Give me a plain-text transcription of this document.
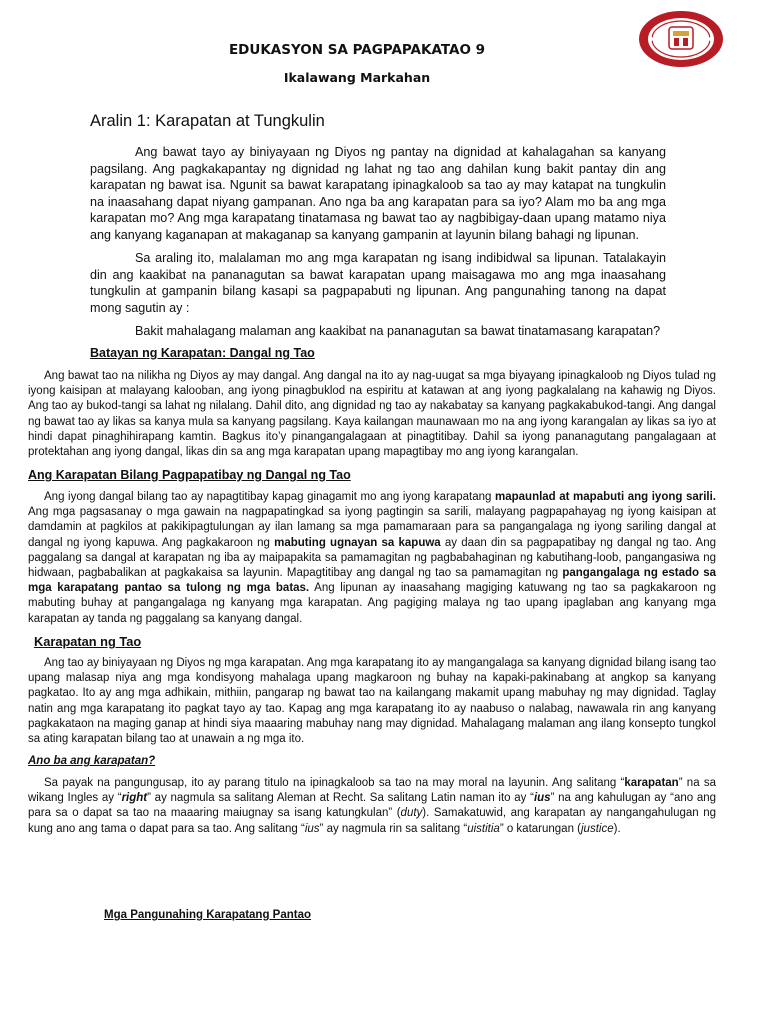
EDUKASYON SA PAGPAPAKATAO 9
Ikalawang Markahan
Aralin 1: Karapatan at Tungkulin

Ang bawat tayo ay biniyayaan ng Diyos ng pantay na dignidad at kahalagahan sa kanyang pagsilang. Ang pagkakapantay ng dignidad ng lahat ng tao ang dahilan kung bakit pantay din ang karapatan ng bawat isa. Ngunit sa bawat karapatang ipinagkaloob sa tao ay may katapat na tungkulin na inaasahang dapat niyang gampanan. Ano nga ba ang karapatan para sa iyo? Alam mo ba ang mga karapatan mo? Ang mga karapatang tinatamasa ng bawat tao ay nagbibigay-daan upang matamo niya ang kanyang kaganapan at makaganap sa kanyang gampanin at layunin bilang bahagi ng lipunan.

Sa araling ito, malalaman mo ang mga karapatan ng isang indibidwal sa lipunan. Tatalakayin din ang kaakibat na pananagutan sa bawat karapatan upang maisagawa mo ang mga inaasahang tungkulin at gampanin bilang kasapi sa pagpapabuti ng lipunan. Ang pangunahing tanong na dapat mong sagutin ay :

Bakit mahalagang malaman ang kaakibat na pananagutan sa bawat tinatamasang karapatan?

Batayan ng Karapatan: Dangal ng Tao

Ang bawat tao na nilikha ng Diyos ay may dangal. Ang dangal na ito ay nag-uugat sa mga biyayang ipinagkaloob ng Diyos tulad ng iyong kaisipan at malayang kalooban, ang iyong pinagbuklod na espiritu at katawan at ang iyong pagkalalang na kahawig ng Diyos. Ang tao ay bukod-tangi sa lahat ng nilalang. Dahil dito, ang dignidad ng tao ay nakabatay sa kanyang pagkakabukod-tangi. Ang dangal ng bawat tao ay likas sa kanya mula sa kanyang pagsilang. Kaya kailangan maunawaan mo na ang iyong karangalan ay likas sa iyo at hindi dapat pinaghihirapang kamtin. Bagkus ito’y pinangangalagaan at pinagtitibay. Dahil sa iyong pananagutang pangalagaan at protektahan ang iyong dangal, likas din sa ang mga karapatan upang mapagtibay mo ang iyong karangalan.

Ang Karapatan Bilang Pagpapatibay ng Dangal ng Tao

Ang iyong dangal bilang tao ay napagtitibay kapag ginagamit mo ang iyong karapatang mapaunlad at mapabuti ang iyong sarili. Ang mga pagsasanay o mga gawain na nagpapatingkad sa iyong pagtingin sa sarili, malayang pagpapahayag ng iyong kaisipan at damdamin at pagkilos at pakikipagtulungan ay ilan lamang sa mga pamamaraan para sa pangangalaga ng iyong sariling dangal at dangal ng iyong kapuwa. Ang pagkakaroon ng mabuting ugnayan sa kapuwa ay daan din sa pagpapatibay ng dangal ng tao. Ang paggalang sa dangal at karapatan ng iba ay maipapakita sa pamamagitan ng pagbabahaginan ng kabutihang-loob, pangangasiwa ng hidwaan, pagbabalikan at pagkakaisa sa layunin. Mapagtitibay ang dangal ng tao sa pamamagitan ng pangangalaga ng estado sa mga karapatang pantao sa tulong ng mga batas. Ang lipunan ay inaasahang magiging katuwang ng tao sa pagkakaroon ng mabuting buhay at pangangalaga ng kanyang mga karapatan. Ang pagiging malaya ng tao upang ipaglaban ang kanyang mga karapatan ay tanda ng paggalang sa kanyang dangal.

Karapatan ng Tao

Ang tao ay biniyayaan ng Diyos ng mga karapatan. Ang mga karapatang ito ay mangangalaga sa kanyang dignidad bilang isang tao upang malasap niya ang mga kondisyong mahalaga upang magkaroon ng buhay na kapaki-pakinabang at angkop sa kanyang pagkatao. Ito ay ang mga adhikain, mithiin, pangarap ng bawat tao na kailangang makamit upang mabuhay ng may dignidad. Taglay natin ang mga karapatang ito pagkat tayo ay tao. Kapag ang mga karapatang ito ay naabuso o nalabag, nawawala rin ang kanyang pagkakataon na maging ganap at hindi siya maaaring mabuhay nang may dignidad. Mahalagang malaman ang ilang konsepto tungkol sa ating karapatan bilang tao at unawain a ng mga ito.

Ano ba ang karapatan?

Sa payak na pangungusap, ito ay parang titulo na ipinagkaloob sa tao na may moral na layunin. Ang salitang “karapatan” na sa wikang Ingles ay “right” ay nagmula sa salitang Aleman at Recht. Sa salitang Latin naman ito ay “ius” na ang kahulugan ay “ano ang para sa o dapat sa tao na maaaring maiugnay sa isang katungkulan” (duty). Samakatuwid, ang karapatan ay nangangahulugan ng kung ano ang tama o dapat para sa tao. Ang salitang “ius” ay nagmula rin sa salitang “uistitia” o katarungan (justice).

Mga Pangunahing Karapatang Pantao
